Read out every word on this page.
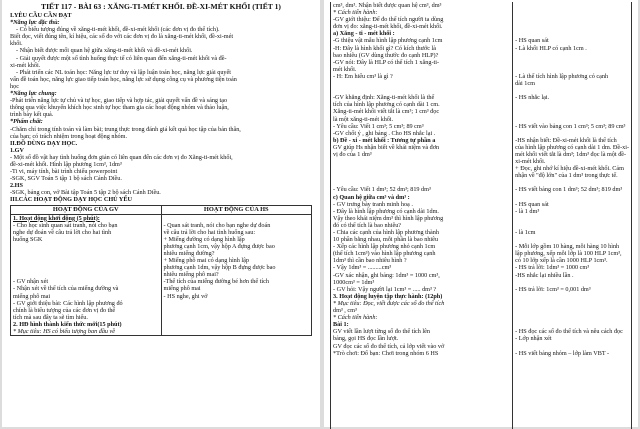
TIẾT 117 - BÀI 63 : XĂNG-TI-MÉT KHỐI. ĐỀ-XI-MÉT KHỐI (TIẾT 1)

I.YÊU CẦU CẦN ĐẠT

*Năng lực đặc thù:

- Có biểu tượng đúng về xăng-ti-mét khối, đề-xi-mét khối (các đơn vị đo thể tích).

Biết đọc, viết đúng tên, kí hiệu, các số đo với các đơn vị đo là xăng-ti-mét khối, đề-xi-mét

khối.

- Nhận biết được mối quan hệ giữa xăng-ti-mét khối và đề-xi-mét khối.

- Giải quyết được một số tình huống thực tế có liên quan đến xăng-ti-mét khối và đề-

xi-mét khối.

- Phát triển các NL toán học: Năng lực tư duy và lập luận toán học, năng lực giải quyết

vấn đề toán học, năng lực giao tiếp toán học, năng lực sử dụng công cụ và phương tiện toán

học

*Năng lực chung:

-Phát triển năng lực tự chủ và tự học, giao tiếp và hợp tác, giải quyết vấn đề và sáng tạo

thông qua việc khuyến khích học sinh tự học tham gia các hoạt động nhóm và thảo luận,

trình bày kết quả.

*Phẩm chất:

-Chăm chỉ trong tính toán và làm bài; trung thực trong đánh giá kết quả học tập của bản thân,

của bạn; có trách nhiệm trong hoạt động nhóm.

II.ĐỒ DÙNG DẠY HỌC.

1.GV

- Một số đồ vật hay tình huống đơn giản có liên quan đến các đơn vị đo Xăng-ti-mét khối,

đề-xi-mét khối. Hình lập phương 1cm³, 1dm³

-Ti vi, máy tính, bài trình chiếu powerpoint

-SGK, SGV Toán 5 tập 1 bộ sách Cánh Diều.

2.HS

-SGK, bảng con, vở Bài tập Toán 5 tập 2 bộ sách Cánh Diều.

III.CÁC HOẠT ĐỘNG DẠY HỌC CHỦ YẾU

HOẠT ĐỘNG CỦA GV	HOẠT ĐỘNG CỦA HS

1. Hoạt động khởi động (5 phút):

- Cho học sinh quan sát tranh, nói cho bạn

nghe dự đoán về câu trả lời cho hai tình

huống SGK

- GV nhận xét

- Nhận xét về thể tích của miếng đường và

miếng phô mai

- GV giới thiệu bài: Các hình lập phương đó

chính là biểu tượng của các đơn vị đo thể

tích mà sau đây ta sẽ tìm hiểu.

2. HĐ hình thành kiến thức mới(15 phút)

* Mục tiêu: HS có biểu tượng ban đầu về

- Quan sát tranh, nói cho bạn nghe dự đoán

về câu trả lời cho hai tình huống sau:

+ Miếng đường có dạng hình lập

phương cạnh 1cm, vậy hộp A đựng được bao

nhiêu miếng đường?

+ Miếng phô mai có dạng hình lập

phương cạnh 1dm, vậy hộp B đựng được bao

nhiêu miếng phô mai?

-Thể tích của miếng đường bé hơn thể tích

miếng phô mai

- HS nghe, ghi vở

cm³, dm³. Nhận biết được quan hệ cm³, dm³

* Cách tiến hành:

-GV giới thiệu: Để đo thể tích người ta dùng

đơn vị đo: xăng-ti-mét khối, đề-xi-mét khối.

a) Xăng - ti - mét khối :

-G thiệu vật mẫu hình lập phương cạnh 1cm

-H: Đây là hình khối gì? Có kích thước là

bao nhiêu (GV dùng thước đo cạnh HLP)?

-GV nói: Đây là HLP có thể tích 1 xăng-ti-

mét khối.

- H: Em hiểu cm³ là gì ?

-GV khẳng định: Xăng-ti-mét khối là thể

tích của hình lập phương có cạnh dài 1 cm.

Xăng-ti-mét khối viết tắt là cm³; 1 cm³ đọc

là một xăng-ti-mét khối.

- Yêu cầu: Viết 1 cm³; 5 cm³; 89 cm³

-GV chốt ý , ghi bảng . Cho HS nhắc lại .

b) Đề - xi - mét khối : Tương tự phần a

GV giúp Hs nhận biết về khái niệm và đơn

vị đo của 1 dm³

- Yêu cầu: Viết 1 dm³; 52 dm³; 819 dm³

c) Quan hệ giữa cm³ và dm³ :

- GV trưng bày tranh minh hoạ .

- Đây là hình lập phương có cạnh dài 1dm.

Vậy theo khái niệm dm³ thì hình lập phương

đó có thể tích là bao nhiêu?

- Chia các cạnh của hình lập phương thành

10 phần bằng nhau, mỗi phần là bao nhiêu

- Xếp các hình lập phương nhỏ cạnh 1cm

(thể tích 1cm³) vào hình lập phương cạnh

1dm³ thì cần bao nhiêu hình ?

- Vậy 1dm³ = .........cm³

-GV xác nhận, ghi bảng: 1dm³ = 1000 cm³,

1000cm³ = 1dm³

- GV hỏi: Vậy người lại 1cm³ = ..... dm³ ?

3. Hoạt động luyện tập thực hành: (12ph)

* Mục tiêu: Đọc, viết được các số đo thể tích

dm³ , cm³

* Cách tiến hành:

Bài 1:

GV viết lần lượt từng số đo thể tích lên

bảng, gọi HS đọc lần lượt.

GV đọc các số đo thể tích, cả lớp viết vào vở

*Trò chơi: Đố bạn: Chơi trong nhóm 6 HS

- HS quan sát

- Là khối HLP có cạnh 1cm .

- Là thể tích hình lập phương có cạnh

dài 1cm

- HS nhắc lại.

- HS viết vào bảng con 1 cm³; 5 cm³; 89 cm³

-HS nhận biết: Đề-xi-mét khối là thể tích

của hình lập phương có cạnh dài 1 dm. Đề-xi-

mét khối viết tắt là dm³; 1dm³ đọc là một đề-

xi-mét khối.

+ Đọc, ghi nhớ kí hiệu đề-xi-mét khối. Cảm

nhận về "độ lớn" của 1 dm³ trong thực tế.

- HS viết bảng con 1 dm³; 52 dm³; 819 dm³

- HS quan sát

- là 1 dm³

- là 1cm

- Mỗi lớp gồm 10 hàng, mỗi hàng 10 hình

lập phương, xếp mỗi lớp là 100 HLP 1cm³,

có 10 lớp xếp là cần 1000 HLP 1cm³.

- HS trả lời: 1dm³ = 1000 cm³

-HS nhắc lại nhiều lần .

- HS trả lời: 1cm³ = 0,001 dm³

- HS đọc các số đo thể tích và nêu cách đọc

- Lớp nhận xét

- HS viết bảng nhóm – lớp làm VBT -
